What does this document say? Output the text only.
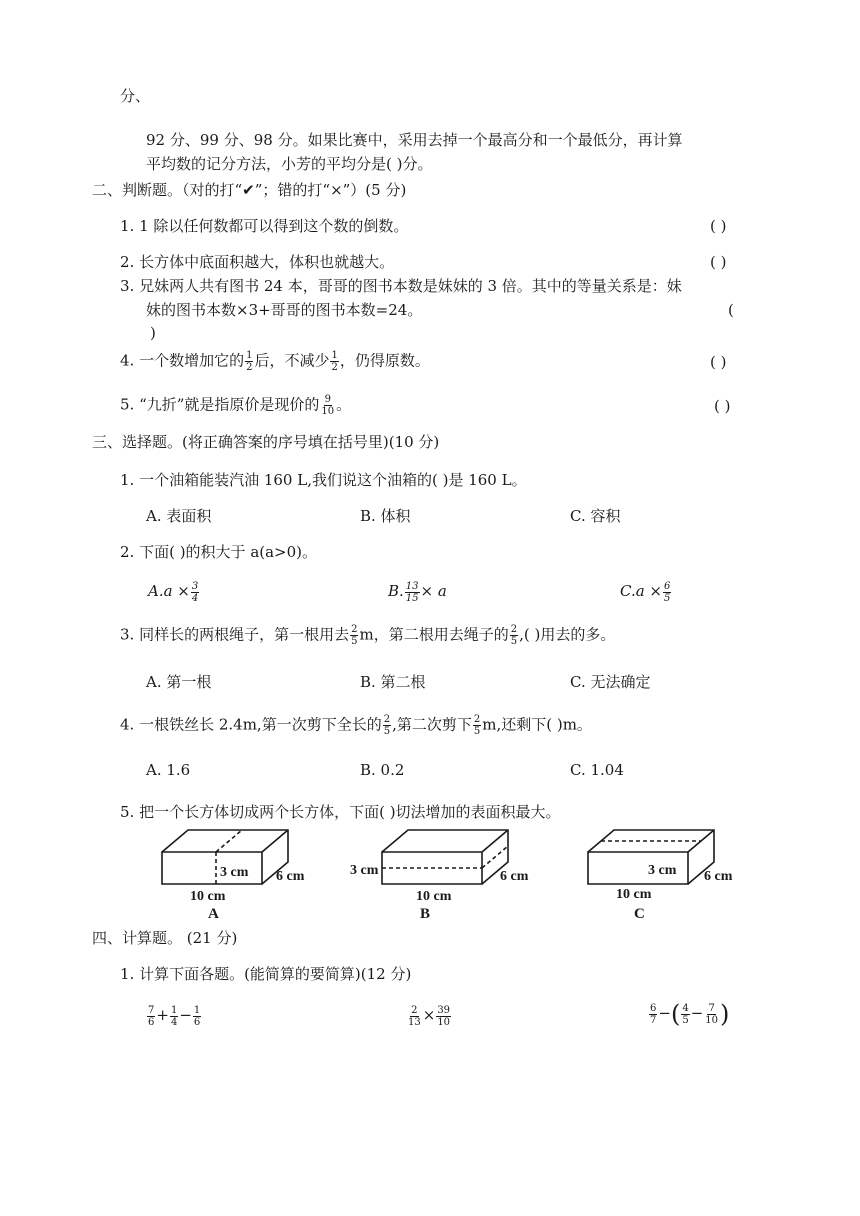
分、
92 分、99 分、98 分。如果比赛中，采用去掉一个最高分和一个最低分，再计算
平均数的记分方法，小芳的平均分是( )分。
二、判断题。（对的打“✔”；错的打“×”）(5 分)
1. 1 除以任何数都可以得到这个数的倒数。	( )
2. 长方体中底面积越大，体积也就越大。	( )
3. 兄妹两人共有图书 24 本，哥哥的图书本数是妹妹的 3 倍。其中的等量关系是：妹
妹的图书本数×3+哥哥的图书本数=24。	(
)
4. 一个数增加它的 $\frac{1}{2}$ 后，不减少 $\frac{1}{2}$ ，仍得原数。	( )
5. “九折”就是指原价是现价的 $\frac{9}{10}$ 。	( )
三、选择题。(将正确答案的序号填在括号里)(10 分)
1. 一个油箱能装汽油 160 L,我们说这个油箱的( )是 160 L。
A. 表面积	B. 体积	C. 容积
2. 下面( )的积大于 a(a>0)。
$A.a \times \frac{3}{4}$	B. $\frac{13}{15} \times a$	$C.a \times \frac{6}{5}$
3. 同样长的两根绳子，第一根用去 $\frac{2}{5}$ m，第二根用去绳子的 $\frac{2}{5}$ ,( )用去的多。
A. 第一根	B. 第二根	C. 无法确定
4. 一根铁丝长 2.4m,第一次剪下全长的 $\frac{2}{5}$ ,第二次剪下 $\frac{2}{5} m$,还剩下( )m。
A. 1.6	B. 0.2	C. 1.04
5. 把一个长方体切成两个长方体，下面( )切法增加的表面积最大。
3 cm
10 cm
6 cm
A
3 cm
10 cm
6 cm
B
3 cm
10 cm
6 cm
C
四、计算题。 (21 分)
1. 计算下面各题。(能简算的要简算)(12 分)
$\frac{7}{6} + \frac{1}{4} - \frac{1}{6}$	$\frac{2}{13} \times \frac{39}{10}$	$\frac{6}{7}$ −( $\frac{4}{5} - \frac{7}{10}$ )
